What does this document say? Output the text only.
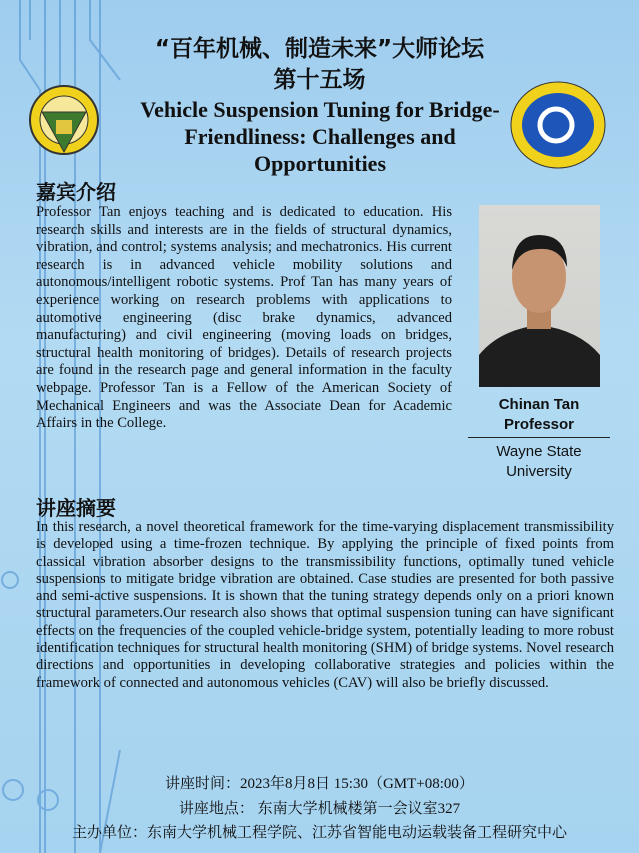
“百年机械、制造未来”大师论坛
第十五场
Vehicle Suspension Tuning for Bridge-Friendliness: Challenges and Opportunities
嘉宾介绍
Professor Tan enjoys teaching and is dedicated to education. His research skills and interests are in the fields of structural dynamics, vibration, and control; systems analysis; and mechatronics. His current research is in advanced vehicle mobility solutions and autonomous/intelligent robotic systems. Prof Tan has many years of experience working on research problems with applications to automotive engineering (disc brake dynamics, advanced manufacturing) and civil engineering (moving loads on bridges, structural health monitoring of bridges). Details of research projects are found in the research page and general information in the faculty webpage. Professor Tan is a Fellow of the American Society of Mechanical Engineers and was the Associate Dean for Academic Affairs in the College.
Chinan Tan
Professor
Wayne State
University
讲座摘要
In this research, a novel theoretical framework for the time-varying displacement transmissibility is developed using a time-frozen technique. By applying the principle of fixed points from classical vibration absorber designs to the transmissibility functions, optimally tuned vehicle suspensions to mitigate bridge vibration are obtained. Case studies are presented for both passive and semi-active suspensions. It is shown that the tuning strategy depends only on a priori known structural parameters.Our research also shows that optimal suspension tuning can have significant effects on the frequencies of the coupled vehicle-bridge system, potentially leading to more robust identification techniques for structural health monitoring (SHM) of bridge systems. Novel research directions and opportunities in developing collaborative strategies and policies within the framework of connected and autonomous vehicles (CAV) will also be briefly discussed.
讲座时间：2023年8月8日 15:30（GMT+08:00）
讲座地点： 东南大学机械楼第一会议室327
主办单位：东南大学机械工程学院、江苏省智能电动运载装备工程研究中心
